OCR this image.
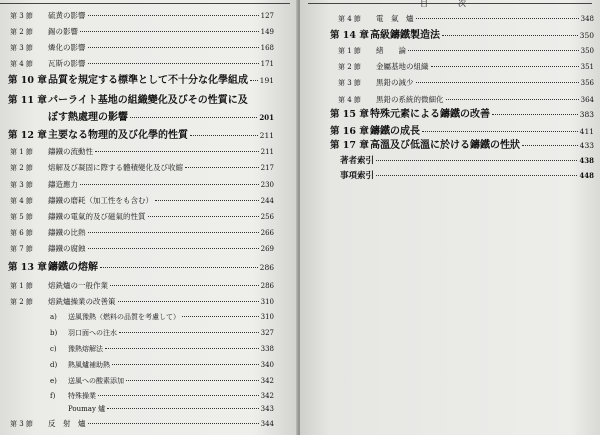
第 3 節	硫黄の影響	127
第 2 節	錫の影響	149
第 3 節	燐化の影響	168
第 4 節	瓦斯の影響	171
第 10 章 品質を規定する標準として不十分な化學組成 191
第 11 章 パーライト基地の組織變化及びその性質に及
ぼす熱處理の影響	201
第 12 章 主要なる物理的及び化學的性質	211
第 1 節	鑄鐵の流動性	211
第 2 節	熔解及び凝固に際する體積變化及び收縮	217
第 3 節	鑄造應力	230
第 4 節	鑄鐵の磨耗（加工性をも含む）	244
第 5 節	鑄鐵の電氣的及び磁氣的性質	256
第 6 節	鑄鐵の比熱	266
第 7 節	鑄鐵の腐蝕	269
第 13 章 鑄鐵の熔解	286
第 1 節	熔銑爐の一般作業	286
第 2 節	熔銑爐操業の改善策	310
a)	送風豫熱（燃料の品質を考慮して）	310
b)	羽口面への注水	327
c)	豫熱熔解法	338
d)	熱風爐補助熱	340
e)	送風への酸素添加	342
f)	特殊操業	342
Poumay 爐	343
第 3 節	反　射　爐	344
目次
第 4 節	電　氣　爐	348
第 14 章 高級鑄鐵製造法	350
第 1 節	緒　　論	350
第 2 節	金屬基地の組織	351
第 3 節	黒鉛の減少	356
第 4 節	黒鉛の系統的微細化	364
第 15 章 特殊元素による鑄鐵の改善	383
第 16 章 鑄鐵の成長	411
第 17 章 高溫及び低溫に於ける鑄鐵の性狀	433
著者索引	438
事項索引	448
